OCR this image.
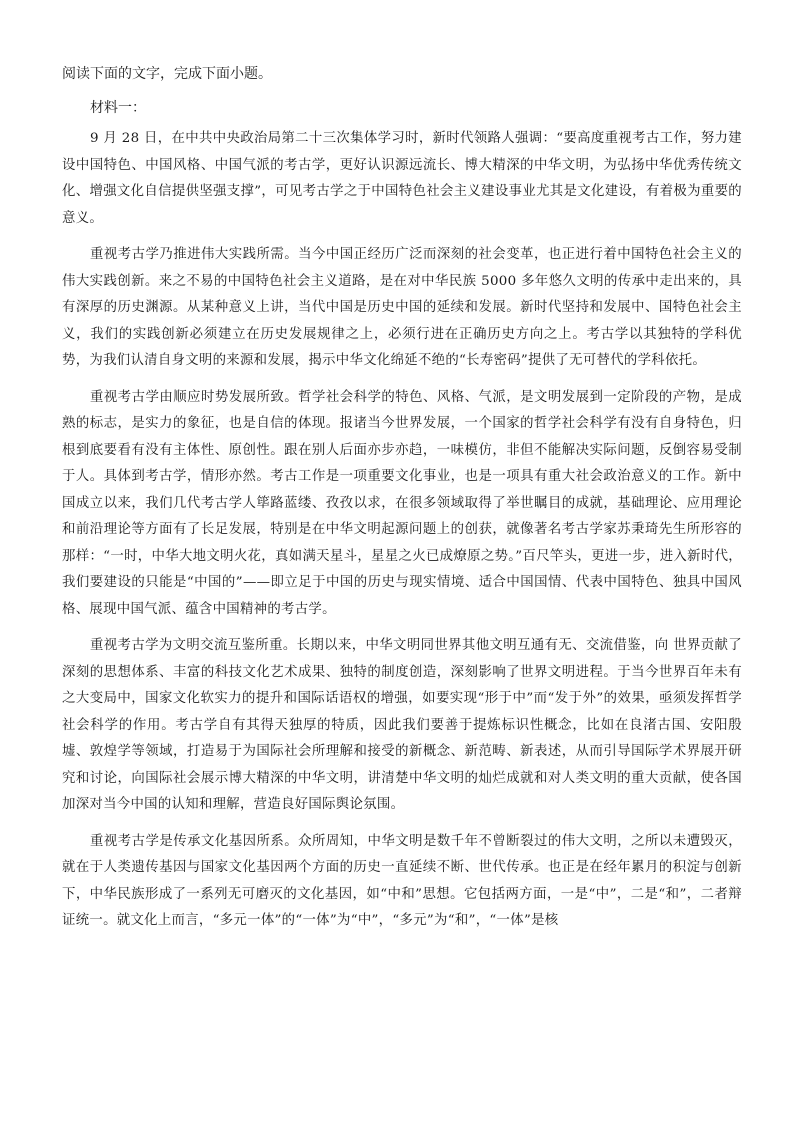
阅读下面的文字，完成下面小题。

材料一：

9 月 28 日，在中共中央政治局第二十三次集体学习时，新时代领路人强调：“要高度重视考古工作，努力建设中国特色、中国风格、中国气派的考古学，更好认识源远流长、博大精深的中华文明，为弘扬中华优秀传统文化、增强文化自信提供坚强支撑”，可见考古学之于中国特色社会主义建设事业尤其是文化建设，有着极为重要的意义。

重视考古学乃推进伟大实践所需。当今中国正经历广泛而深刻的社会变革，也正进行着中国特色社会主义的伟大实践创新。来之不易的中国特色社会主义道路，是在对中华民族 5000 多年悠久文明的传承中走出来的，具有深厚的历史渊源。从某种意义上讲，当代中国是历史中国的延续和发展。新时代坚持和发展中、国特色社会主义，我们的实践创新必须建立在历史发展规律之上，必须行进在正确历史方向之上。考古学以其独特的学科优势，为我们认清自身文明的来源和发展，揭示中华文化绵延不绝的“长寿密码”提供了无可替代的学科依托。

重视考古学由顺应时势发展所致。哲学社会科学的特色、风格、气派，是文明发展到一定阶段的产物，是成熟的标志，是实力的象征，也是自信的体现。报诸当今世界发展，一个国家的哲学社会科学有没有自身特色，归根到底要看有没有主体性、原创性。跟在别人后面亦步亦趋，一味模仿，非但不能解决实际问题，反倒容易受制于人。具体到考古学，情形亦然。考古工作是一项重要文化事业，也是一项具有重大社会政治意义的工作。新中国成立以来，我们几代考古学人筚路蓝缕、孜孜以求，在很多领域取得了举世瞩目的成就，基础理论、应用理论和前沿理论等方面有了长足发展，特别是在中华文明起源问题上的创获，就像著名考古学家苏秉琦先生所形容的那样：“一时，中华大地文明火花，真如满天星斗，星星之火已成燎原之势。”百尺竿头，更进一步，进入新时代，我们要建设的只能是“中国的”——即立足于中国的历史与现实情境、适合中国国情、代表中国特色、独具中国风格、展现中国气派、蕴含中国精神的考古学。

重视考古学为文明交流互鉴所重。长期以来，中华文明同世界其他文明互通有无、交流借鉴，向 世界贡献了深刻的思想体系、丰富的科技文化艺术成果、独特的制度创造，深刻影响了世界文明进程。于当今世界百年未有之大变局中，国家文化软实力的提升和国际话语权的增强，如要实现“形于中”而“发于外”的效果，亟须发挥哲学社会科学的作用。考古学自有其得天独厚的特质，因此我们要善于提炼标识性概念，比如在良渚古国、安阳殷墟、敦煌学等领域，打造易于为国际社会所理解和接受的新概念、新范畴、新表述，从而引导国际学术界展开研究和讨论，向国际社会展示博大精深的中华文明，讲清楚中华文明的灿烂成就和对人类文明的重大贡献，使各国加深对当今中国的认知和理解，营造良好国际舆论氛围。

重视考古学是传承文化基因所系。众所周知，中华文明是数千年不曾断裂过的伟大文明，之所以未遭毁灭，就在于人类遗传基因与国家文化基因两个方面的历史一直延续不断、世代传承。也正是在经年累月的积淀与创新下，中华民族形成了一系列无可磨灭的文化基因，如“中和”思想。它包括两方面，一是“中”，二是“和”，二者辩证统一。就文化上而言，“多元一体”的“一体”为“中”，“多元”为“和”，“一体”是核
